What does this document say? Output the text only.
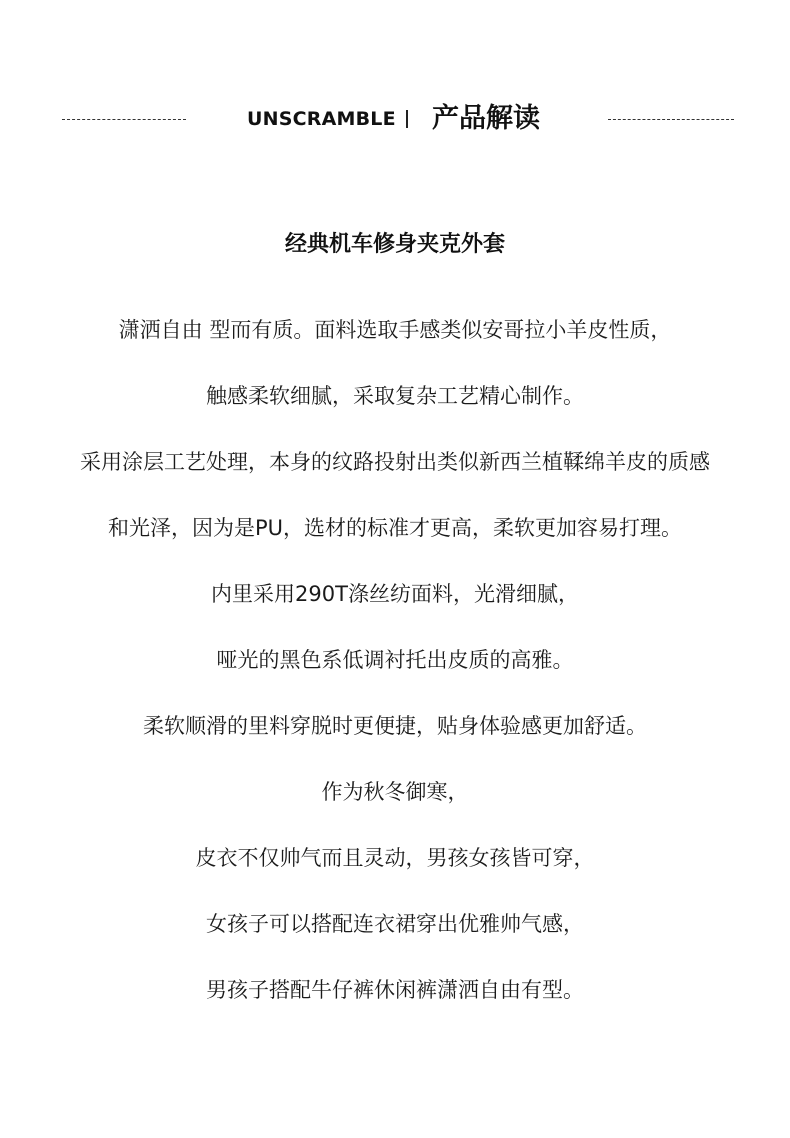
UNSCRAMBLE 产品解读
经典机车修身夹克外套
潇洒自由 型而有质。面料选取手感类似安哥拉小羊皮性质，
触感柔软细腻，采取复杂工艺精心制作。
采用涂层工艺处理，本身的纹路投射出类似新西兰植鞣绵羊皮的质感
和光泽，因为是PU，选材的标准才更高，柔软更加容易打理。
内里采用290T涤丝纺面料，光滑细腻，
哑光的黑色系低调衬托出皮质的高雅。
柔软顺滑的里料穿脱时更便捷，贴身体验感更加舒适。
作为秋冬御寒，
皮衣不仅帅气而且灵动，男孩女孩皆可穿，
女孩子可以搭配连衣裙穿出优雅帅气感，
男孩子搭配牛仔裤休闲裤潇洒自由有型。
